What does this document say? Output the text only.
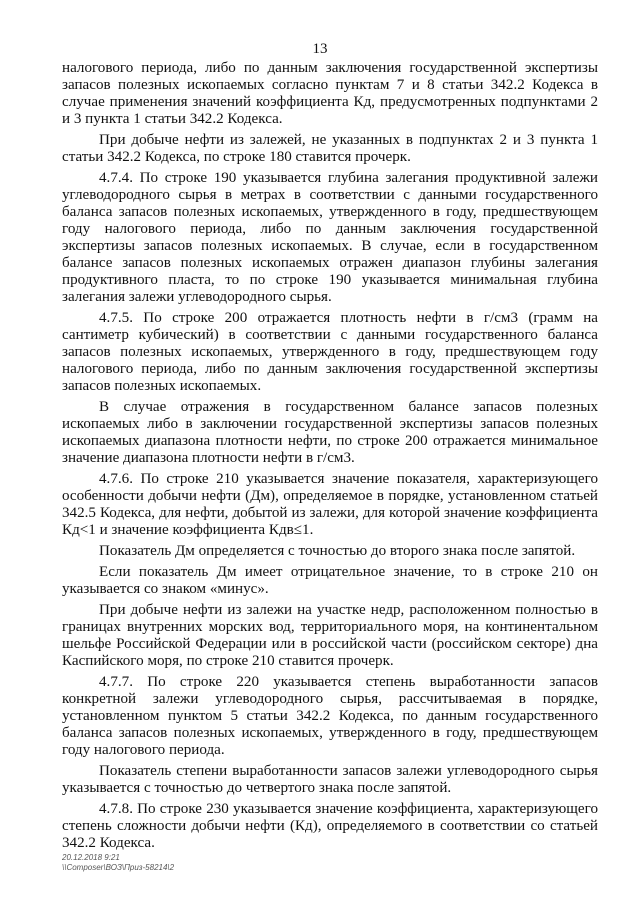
13

налогового периода, либо по данным заключения государственной экспертизы запасов полезных ископаемых согласно пунктам 7 и 8 статьи 342.2 Кодекса в случае применения значений коэффициента Кд, предусмотренных подпунктами 2 и 3 пункта 1 статьи 342.2 Кодекса.

При добыче нефти из залежей, не указанных в подпунктах 2 и 3 пункта 1 статьи 342.2 Кодекса, по строке 180 ставится прочерк.

4.7.4. По строке 190 указывается глубина залегания продуктивной залежи углеводородного сырья в метрах в соответствии с данными государственного баланса запасов полезных ископаемых, утвержденного в году, предшествующем году налогового периода, либо по данным заключения государственной экспертизы запасов полезных ископаемых. В случае, если в государственном балансе запасов полезных ископаемых отражен диапазон глубины залегания продуктивного пласта, то по строке 190 указывается минимальная глубина залегания залежи углеводородного сырья.

4.7.5. По строке 200 отражается плотность нефти в г/см3 (грамм на сантиметр кубический) в соответствии с данными государственного баланса запасов полезных ископаемых, утвержденного в году, предшествующем году налогового периода, либо по данным заключения государственной экспертизы запасов полезных ископаемых.

В случае отражения в государственном балансе запасов полезных ископаемых либо в заключении государственной экспертизы запасов полезных ископаемых диапазона плотности нефти, по строке 200 отражается минимальное значение диапазона плотности нефти в г/см3.

4.7.6. По строке 210 указывается значение показателя, характеризующего особенности добычи нефти (Дм), определяемое в порядке, установленном статьей 342.5 Кодекса, для нефти, добытой из залежи, для которой значение коэффициента Кд<1 и значение коэффициента Кдв≤1.

Показатель Дм определяется с точностью до второго знака после запятой.

Если показатель Дм имеет отрицательное значение, то в строке 210 он указывается со знаком «минус».

При добыче нефти из залежи на участке недр, расположенном полностью в границах внутренних морских вод, территориального моря, на континентальном шельфе Российской Федерации или в российской части (российском секторе) дна Каспийского моря, по строке 210 ставится прочерк.

4.7.7. По строке 220 указывается степень выработанности запасов конкретной залежи углеводородного сырья, рассчитываемая в порядке, установленном пунктом 5 статьи 342.2 Кодекса, по данным государственного баланса запасов полезных ископаемых, утвержденного в году, предшествующем году налогового периода.

Показатель степени выработанности запасов залежи углеводородного сырья указывается с точностью до четвертого знака после запятой.

4.7.8. По строке 230 указывается значение коэффициента, характеризующего степень сложности добычи нефти (Кд), определяемого в соответствии со статьей 342.2 Кодекса.

20.12.2018 9:21
\\Composer\ВОЗ\Приз-58214\2
